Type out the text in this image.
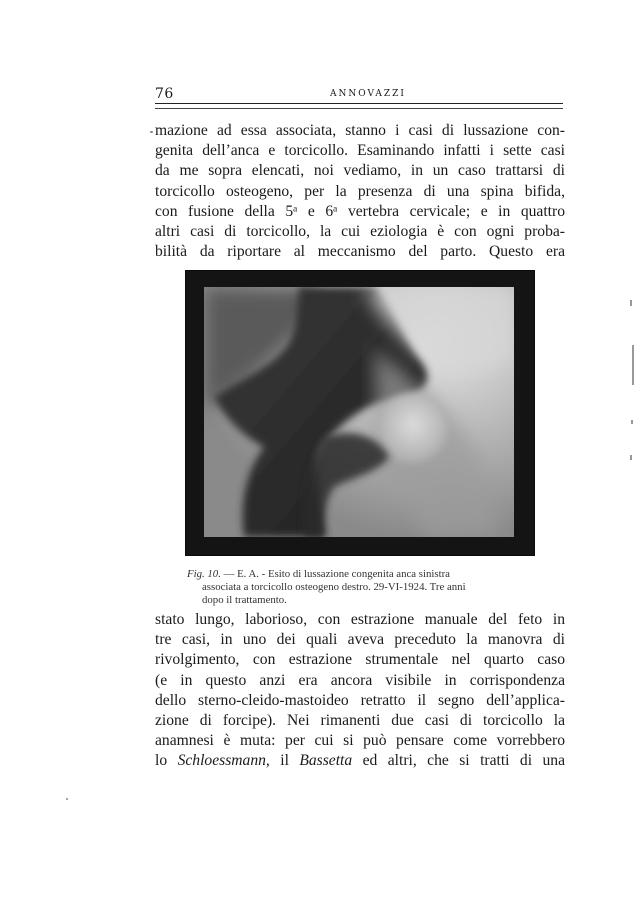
76	ANNOVAZZI
mazione ad essa associata, stanno i casi di lussazione con-
genita dell’anca e torcicollo. Esaminando infatti i sette casi
da me sopra elencati, noi vediamo, in un caso trattarsi di
torcicollo osteogeno, per la presenza di una spina bifida,
con fusione della 5ᵃ e 6ᵃ vertebra cervicale; e in quattro
altri casi di torcicollo, la cui eziologia è con ogni proba-
bilità da riportare al meccanismo del parto. Questo era
Fig. 10. — E. A. - Esito di lussazione congenita anca sinistra
associata a torcicollo osteogeno destro. 29-VI-1924. Tre anni
dopo il trattamento.
stato lungo, laborioso, con estrazione manuale del feto in
tre casi, in uno dei quali aveva preceduto la manovra di
rivolgimento, con estrazione strumentale nel quarto caso
(e in questo anzi era ancora visibile in corrispondenza
dello sterno-cleido-mastoideo retratto il segno dell’applica-
zione di forcipe). Nei rimanenti due casi di torcicollo la
anamnesi è muta: per cui si può pensare come vorrebbero
lo Schloessmann, il Bassetta ed altri, che si tratti di una
